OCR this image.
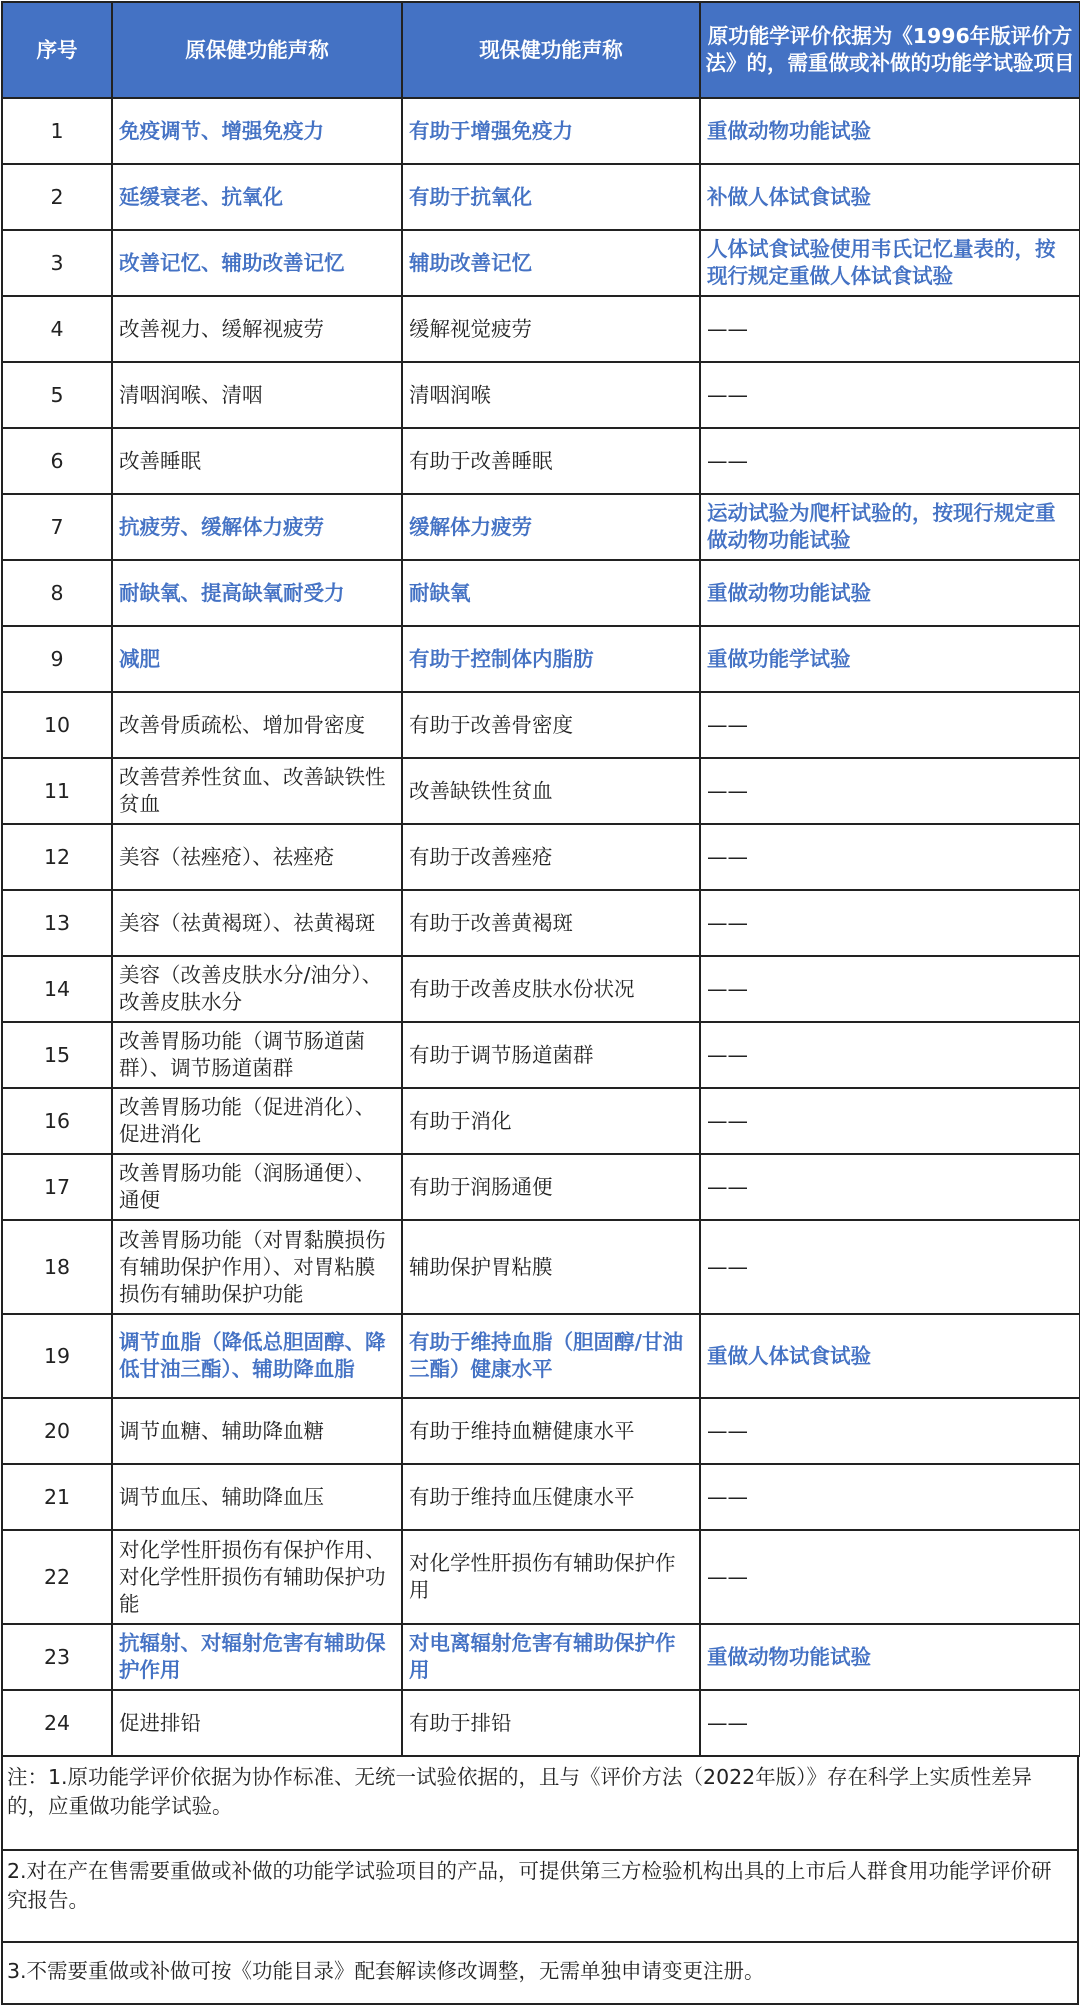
序号	原保健功能声称	现保健功能声称	原功能学评价依据为《1996年版评价方法》的，需重做或补做的功能学试验项目
1	免疫调节、增强免疫力	有助于增强免疫力	重做动物功能试验
2	延缓衰老、抗氧化	有助于抗氧化	补做人体试食试验
3	改善记忆、辅助改善记忆	辅助改善记忆	人体试食试验使用韦氏记忆量表的，按现行规定重做人体试食试验
4	改善视力、缓解视疲劳	缓解视觉疲劳	——
5	清咽润喉、清咽	清咽润喉	——
6	改善睡眠	有助于改善睡眠	——
7	抗疲劳、缓解体力疲劳	缓解体力疲劳	运动试验为爬杆试验的，按现行规定重做动物功能试验
8	耐缺氧、提高缺氧耐受力	耐缺氧	重做动物功能试验
9	减肥	有助于控制体内脂肪	重做功能学试验
10	改善骨质疏松、增加骨密度	有助于改善骨密度	——
11	改善营养性贫血、改善缺铁性贫血	改善缺铁性贫血	——
12	美容（祛痤疮）、祛痤疮	有助于改善痤疮	——
13	美容（祛黄褐斑）、祛黄褐斑	有助于改善黄褐斑	——
14	美容（改善皮肤水分/油分）、改善皮肤水分	有助于改善皮肤水份状况	——
15	改善胃肠功能（调节肠道菌群）、调节肠道菌群	有助于调节肠道菌群	——
16	改善胃肠功能（促进消化）、促进消化	有助于消化	——
17	改善胃肠功能（润肠通便）、通便	有助于润肠通便	——
18	改善胃肠功能（对胃黏膜损伤有辅助保护作用）、对胃粘膜损伤有辅助保护功能	辅助保护胃粘膜	——
19	调节血脂（降低总胆固醇、降低甘油三酯）、辅助降血脂	有助于维持血脂（胆固醇/甘油三酯）健康水平	重做人体试食试验
20	调节血糖、辅助降血糖	有助于维持血糖健康水平	——
21	调节血压、辅助降血压	有助于维持血压健康水平	——
22	对化学性肝损伤有保护作用、对化学性肝损伤有辅助保护功能	对化学性肝损伤有辅助保护作用	——
23	抗辐射、对辐射危害有辅助保护作用	对电离辐射危害有辅助保护作用	重做动物功能试验
24	促进排铅	有助于排铅	——
注：1.原功能学评价依据为协作标准、无统一试验依据的，且与《评价方法（2022年版）》存在科学上实质性差异的，应重做功能学试验。
2.对在产在售需要重做或补做的功能学试验项目的产品，可提供第三方检验机构出具的上市后人群食用功能学评价研究报告。
3.不需要重做或补做可按《功能目录》配套解读修改调整，无需单独申请变更注册。
